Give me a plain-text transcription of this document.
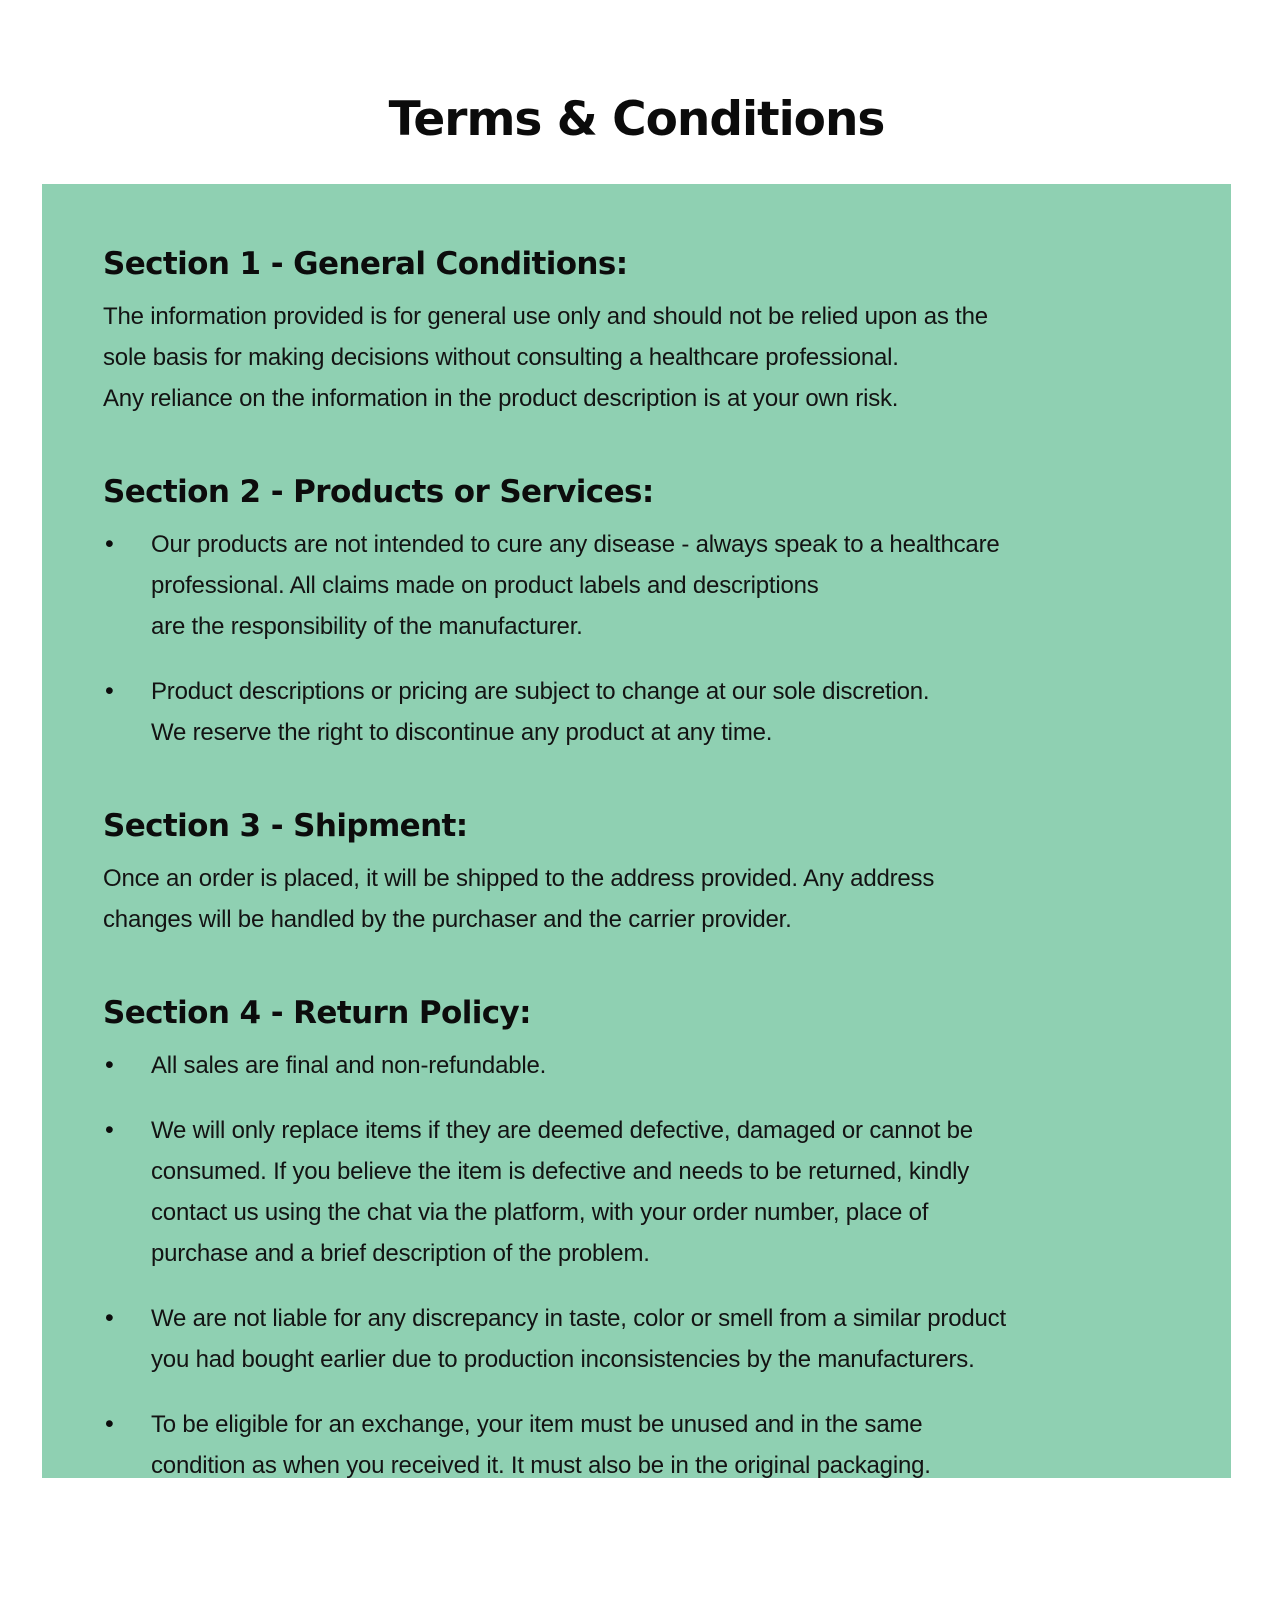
Terms & Conditions
Section 1 - General Conditions:
The information provided is for general use only and should not be relied upon as the
sole basis for making decisions without consulting a healthcare professional.
Any reliance on the information in the product description is at your own risk.
Section 2 - Products or Services:
•	Our products are not intended to cure any disease - always speak to a healthcare
professional. All claims made on product labels and descriptions
are the responsibility of the manufacturer.
•	Product descriptions or pricing are subject to change at our sole discretion.
We reserve the right to discontinue any product at any time.
Section 3 - Shipment:
Once an order is placed, it will be shipped to the address provided. Any address
changes will be handled by the purchaser and the carrier provider.
Section 4 - Return Policy:
•	All sales are final and non-refundable.
•	We will only replace items if they are deemed defective, damaged or cannot be
consumed. If you believe the item is defective and needs to be returned, kindly
contact us using the chat via the platform, with your order number, place of
purchase and a brief description of the problem.
•	We are not liable for any discrepancy in taste, color or smell from a similar product
you had bought earlier due to production inconsistencies by the manufacturers.
•	To be eligible for an exchange, your item must be unused and in the same
condition as when you received it. It must also be in the original packaging.
